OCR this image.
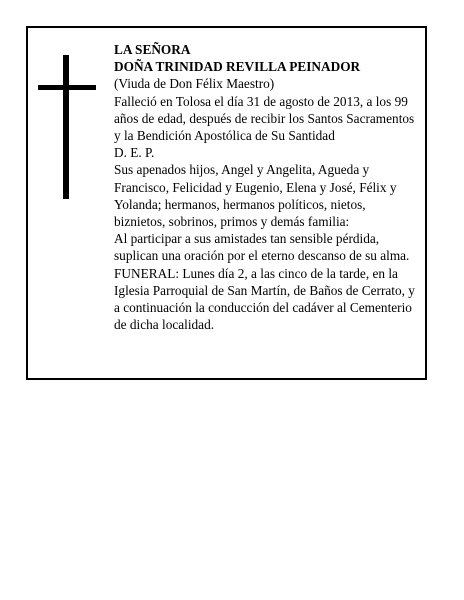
LA SEÑORA

DOÑA TRINIDAD REVILLA PEINADOR

(Viuda de Don Félix Maestro)

Falleció en Tolosa el día 31 de agosto de 2013, a los 99 años de edad, después de recibir los Santos Sacramentos y la Bendición Apostólica de Su Santidad

D. E. P.

Sus apenados hijos, Angel y Angelita, Agueda y Francisco, Felicidad y Eugenio, Elena y José, Félix y Yolanda; hermanos, hermanos políticos, nietos, biznietos, sobrinos, primos y demás familia:

Al participar a sus amistades tan sensible pérdida, suplican una oración por el eterno descanso de su alma.

FUNERAL: Lunes día 2, a las cinco de la tarde, en la Iglesia Parroquial de San Martín, de Baños de Cerrato, y a continuación la conducción del cadáver al Cementerio de dicha localidad.
